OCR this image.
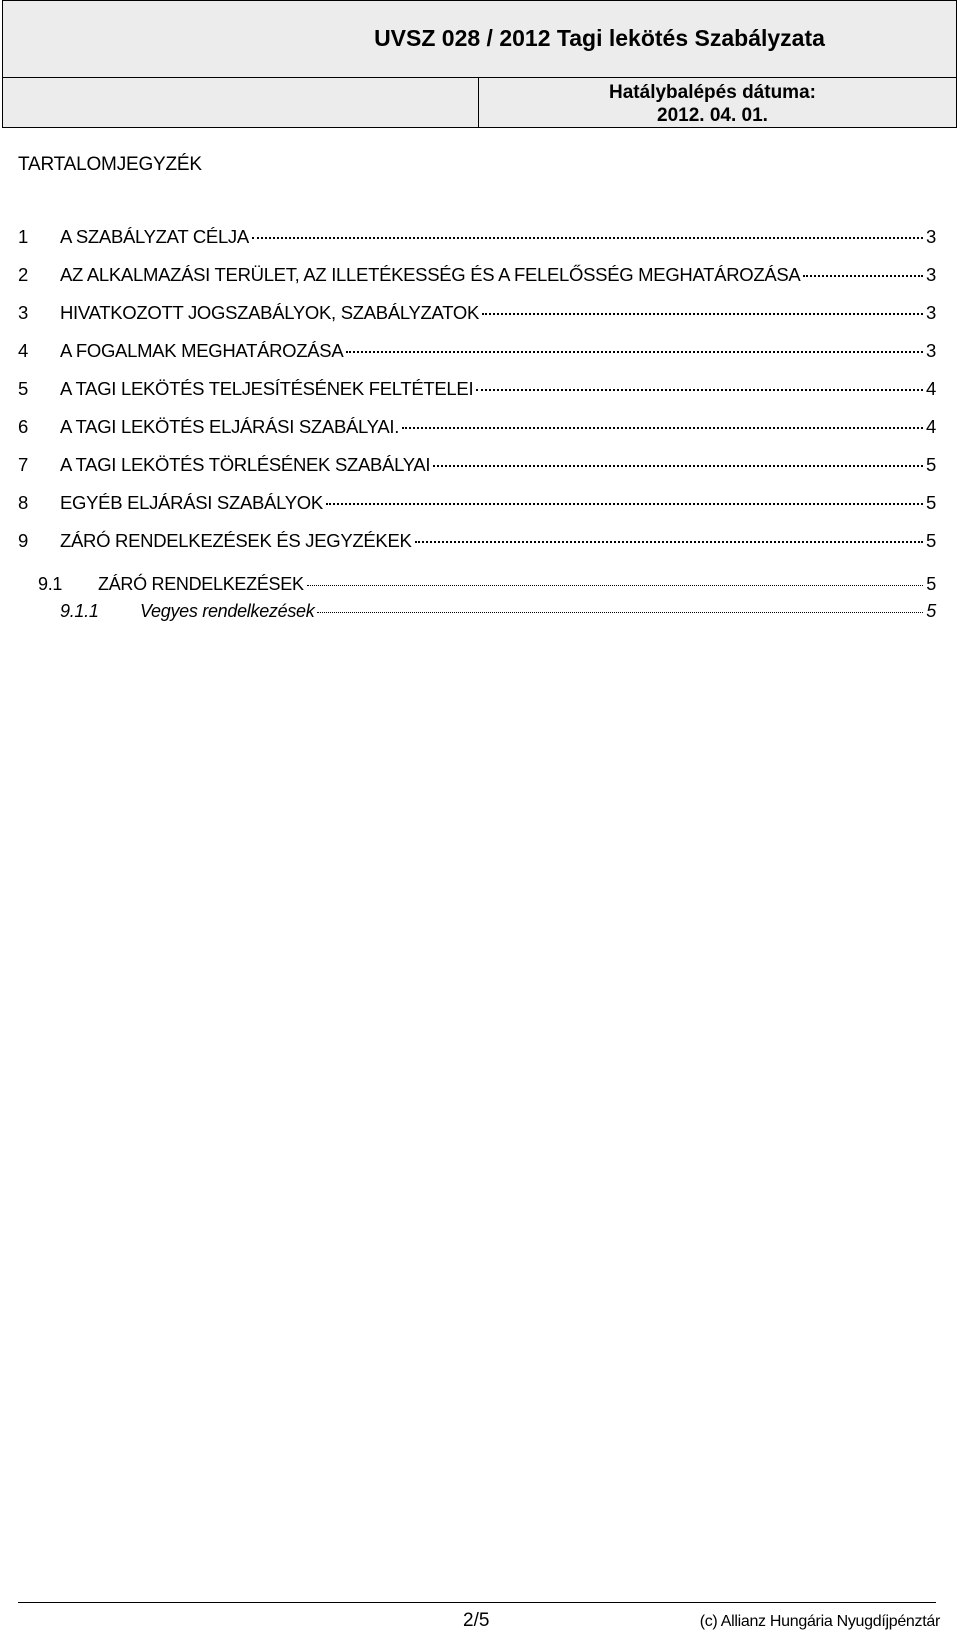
UVSZ 028 / 2012 Tagi lekötés Szabályzata

Hatálybalépés dátuma:
2012. 04. 01.
TARTALOMJEGYZÉK
1	A SZABÁLYZAT CÉLJA	3
2	AZ ALKALMAZÁSI TERÜLET, AZ ILLETÉKESSÉG ÉS A FELELŐSSÉG MEGHATÁROZÁSA	3
3	HIVATKOZOTT JOGSZABÁLYOK, SZABÁLYZATOK	3
4	A FOGALMAK MEGHATÁROZÁSA	3
5	A TAGI LEKÖTÉS TELJESÍTÉSÉNEK FELTÉTELEI	4
6	A TAGI LEKÖTÉS ELJÁRÁSI SZABÁLYAI.	4
7	A TAGI LEKÖTÉS TÖRLÉSÉNEK SZABÁLYAI	5
8	EGYÉB ELJÁRÁSI SZABÁLYOK	5
9	ZÁRÓ RENDELKEZÉSEK ÉS JEGYZÉKEK	5
9.1	ZÁRÓ RENDELKEZÉSEK	5
9.1.1	Vegyes rendelkezések	5
2/5	(c) Allianz Hungária Nyugdíjpénztár
